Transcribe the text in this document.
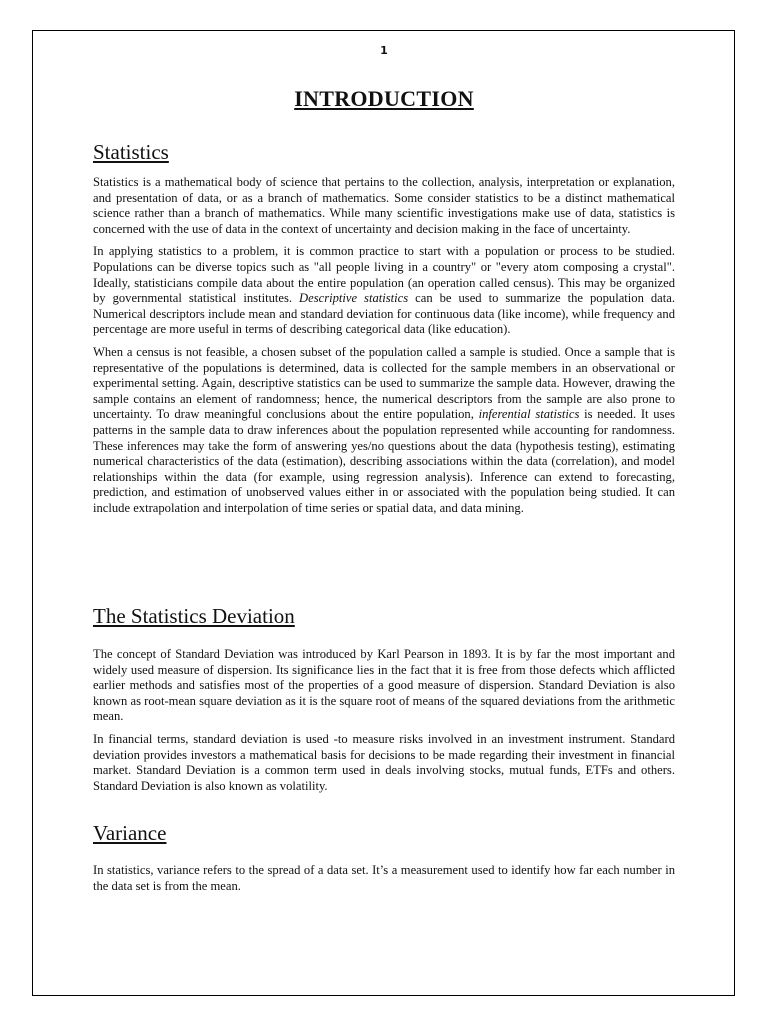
1
INTRODUCTION
Statistics

Statistics is a mathematical body of science that pertains to the collection, analysis, interpretation or explanation, and presentation of data, or as a branch of mathematics. Some consider statistics to be a distinct mathematical science rather than a branch of mathematics. While many scientific investigations make use of data, statistics is concerned with the use of data in the context of uncertainty and decision making in the face of uncertainty.

In applying statistics to a problem, it is common practice to start with a population or process to be studied. Populations can be diverse topics such as "all people living in a country" or "every atom composing a crystal". Ideally, statisticians compile data about the entire population (an operation called census). This may be organized by governmental statistical institutes. Descriptive statistics can be used to summarize the population data. Numerical descriptors include mean and standard deviation for continuous data (like income), while frequency and percentage are more useful in terms of describing categorical data (like education).

When a census is not feasible, a chosen subset of the population called a sample is studied. Once a sample that is representative of the populations is determined, data is collected for the sample members in an observational or experimental setting. Again, descriptive statistics can be used to summarize the sample data. However, drawing the sample contains an element of randomness; hence, the numerical descriptors from the sample are also prone to uncertainty. To draw meaningful conclusions about the entire population, inferential statistics is needed. It uses patterns in the sample data to draw inferences about the population represented while accounting for randomness. These inferences may take the form of answering yes/no questions about the data (hypothesis testing), estimating numerical characteristics of the data (estimation), describing associations within the data (correlation), and model relationships within the data (for example, using regression analysis). Inference can extend to forecasting, prediction, and estimation of unobserved values either in or associated with the population being studied. It can include extrapolation and interpolation of time series or spatial data, and data mining.

The Statistics Deviation

The concept of Standard Deviation was introduced by Karl Pearson in 1893. It is by far the most important and widely used measure of dispersion. Its significance lies in the fact that it is free from those defects which afflicted earlier methods and satisfies most of the properties of a good measure of dispersion. Standard Deviation is also known as root-mean square deviation as it is the square root of means of the squared deviations from the arithmetic mean.

In financial terms, standard deviation is used -to measure risks involved in an investment instrument. Standard deviation provides investors a mathematical basis for decisions to be made regarding their investment in financial market. Standard Deviation is a common term used in deals involving stocks, mutual funds, ETFs and others. Standard Deviation is also known as volatility.

Variance

In statistics, variance refers to the spread of a data set. It’s a measurement used to identify how far each number in the data set is from the mean.
